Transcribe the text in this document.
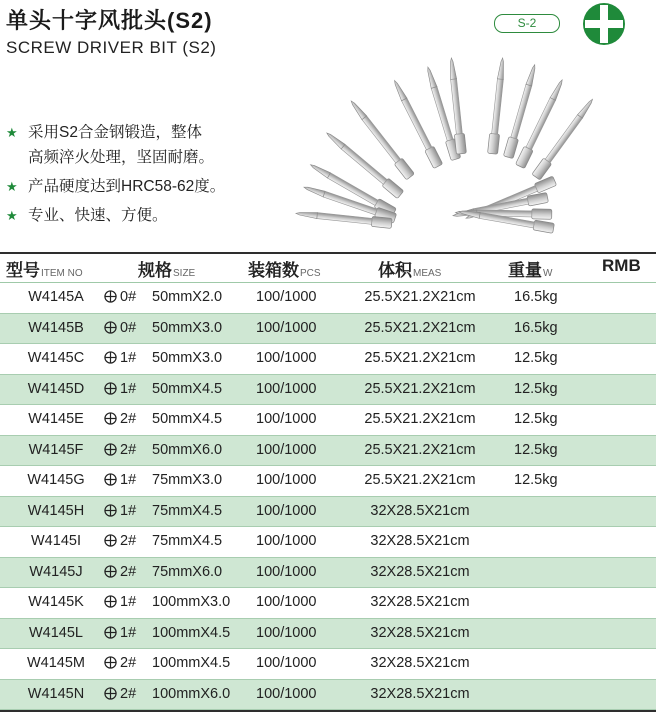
单头十字风批头(S2)
SCREW DRIVER BIT (S2)
S-2
★ 采用S2合金钢锻造，整体
高频淬火处理，坚固耐磨。
★ 产品硬度达到HRC58-62度。
★ 专业、快速、方便。
型号ITEM NO	规格SIZE	装箱数PCS	体积MEAS	重量W	RMB
W4145A	0# 50mmX2.0 100/1000	25.5X21.2X21cm	16.5kg
W4145B	0# 50mmX3.0 100/1000	25.5X21.2X21cm	16.5kg
W4145C	1# 50mmX3.0 100/1000	25.5X21.2X21cm	12.5kg
W4145D	1# 50mmX4.5 100/1000	25.5X21.2X21cm	12.5kg
W4145E	2# 50mmX4.5 100/1000	25.5X21.2X21cm	12.5kg
W4145F	2# 50mmX6.0 100/1000	25.5X21.2X21cm	12.5kg
W4145G	1# 75mmX3.0 100/1000	25.5X21.2X21cm	12.5kg
W4145H	1# 75mmX4.5 100/1000	32X28.5X21cm
W4145I	2# 75mmX4.5 100/1000	32X28.5X21cm
W4145J	2# 75mmX6.0 100/1000	32X28.5X21cm
W4145K	1# 100mmX3.0 100/1000	32X28.5X21cm
W4145L	1# 100mmX4.5 100/1000	32X28.5X21cm
W4145M	2# 100mmX4.5 100/1000	32X28.5X21cm
W4145N	2# 100mmX6.0 100/1000	32X28.5X21cm
